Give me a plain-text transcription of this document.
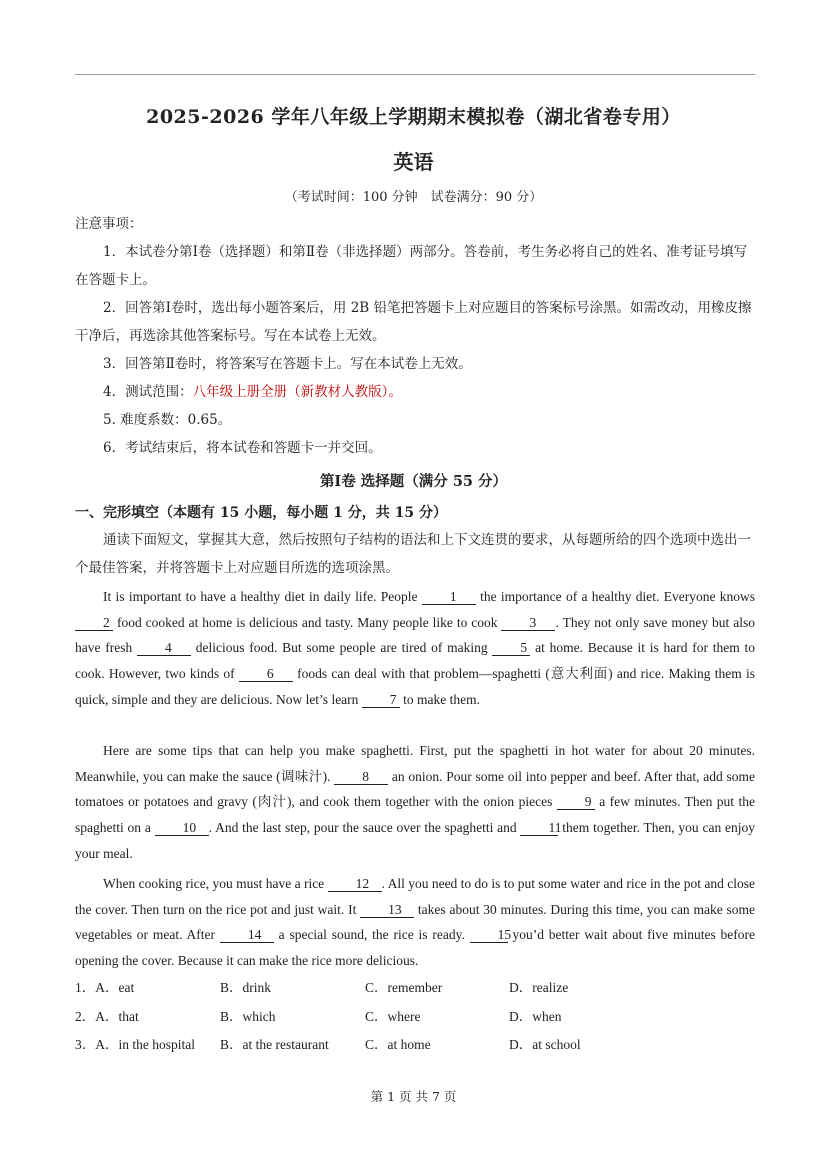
2025-2026 学年八年级上学期期末模拟卷（湖北省卷专用）
英语
（考试时间：100 分钟　试卷满分：90 分）
注意事项：
1．本试卷分第Ⅰ卷（选择题）和第Ⅱ卷（非选择题）两部分。答卷前，考生务必将自己的姓名、准考证号填写在答题卡上。
2．回答第Ⅰ卷时，选出每小题答案后，用 2B 铅笔把答题卡上对应题目的答案标号涂黑。如需改动，用橡皮擦干净后，再选涂其他答案标号。写在本试卷上无效。
3．回答第Ⅱ卷时，将答案写在答题卡上。写在本试卷上无效。
4．测试范围：八年级上册全册（新教材人教版）。
5. 难度系数：0.65。
6．考试结束后，将本试卷和答题卡一并交回。
第Ⅰ卷 选择题（满分 55 分）
一、完形填空（本题有 15 小题，每小题 1 分，共 15 分）
通读下面短文，掌握其大意，然后按照句子结构的语法和上下文连贯的要求，从每题所给的四个选项中选出一个最佳答案，并将答题卡上对应题目所选的选项涂黑。
It is important to have a healthy diet in daily life. People 1 the importance of a healthy diet. Everyone knows 2 food cooked at home is delicious and tasty. Many people like to cook 3 . They not only save money but also have fresh 4 delicious food. But some people are tired of making 5 at home. Because it is hard for them to cook. However, two kinds of 6 foods can deal with that problem—spaghetti (意大利面) and rice. Making them is quick, simple and they are delicious. Now let’s learn 7 to make them.
Here are some tips that can help you make spaghetti. First, put the spaghetti in hot water for about 20 minutes. Meanwhile, you can make the sauce (调味汁). 8 an onion. Pour some oil into pepper and beef. After that, add some tomatoes or potatoes and gravy (肉汁), and cook them together with the onion pieces 9 a few minutes. Then put the spaghetti on a 10 . And the last step, pour the sauce over the spaghetti and 11 them together. Then, you can enjoy your meal.
When cooking rice, you must have a rice 12 . All you need to do is to put some water and rice in the pot and close the cover. Then turn on the rice pot and just wait. It 13 takes about 30 minutes. During this time, you can make some vegetables or meat. After 14 a special sound, the rice is ready. 15 you’d better wait about five minutes before opening the cover. Because it can make the rice more delicious.
1．A．eat	B．drink	C．remember	D．realize
2．A．that	B．which	C．where	D．when
3．A．in the hospital B．at the restaurant	C．at home	D．at school
第 1 页 共 7 页
